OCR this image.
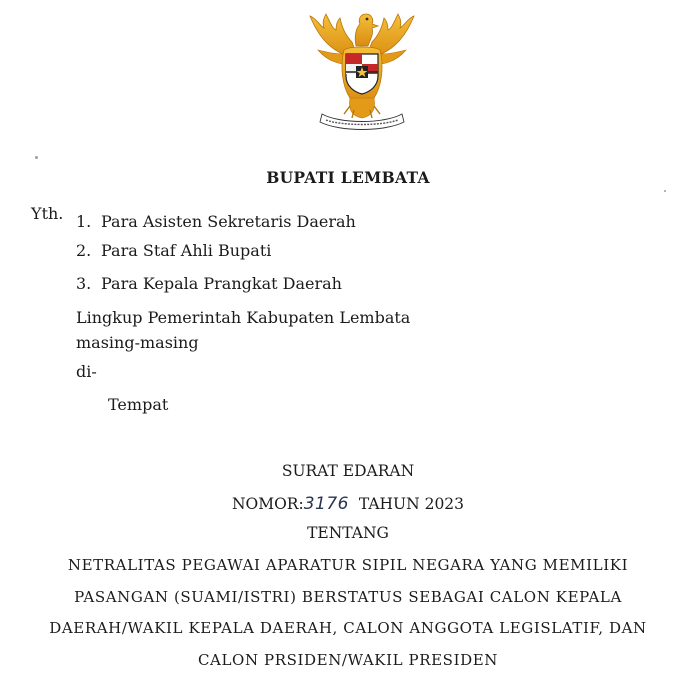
BUPATI LEMBATA
Yth. 1. Para Asisten Sekretaris Daerah
2. Para Staf Ahli Bupati
3. Para Kepala Prangkat Daerah
Lingkup Pemerintah Kabupaten Lembata
masing-masing
di-
Tempat
SURAT EDARAN
NOMOR:3176 TAHUN 2023
TENTANG
NETRALITAS PEGAWAI APARATUR SIPIL NEGARA YANG MEMILIKI
PASANGAN (SUAMI/ISTRI) BERSTATUS SEBAGAI CALON KEPALA
DAERAH/WAKIL KEPALA DAERAH, CALON ANGGOTA LEGISLATIF, DAN
CALON PRSIDEN/WAKIL PRESIDEN
